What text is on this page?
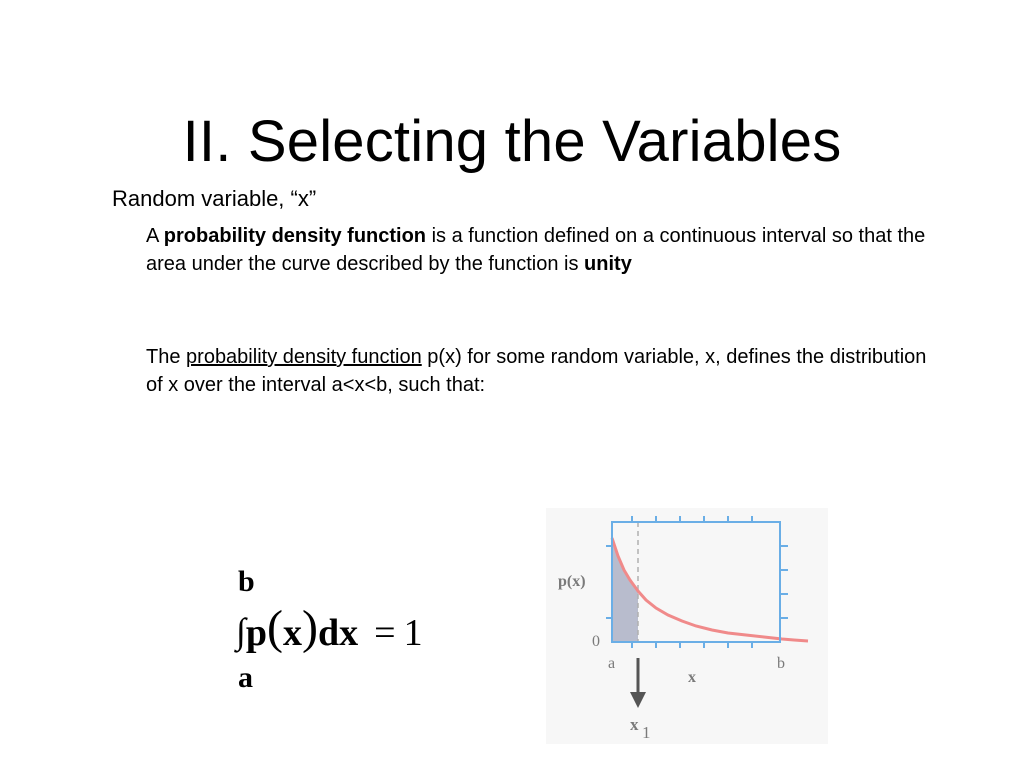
II. Selecting the Variables
Random variable, “x”
A probability density function is a function defined on a continuous interval so that the area under the curve described by the function is unity
The probability density function p(x) for some random variable, x, defines the distribution of x over the interval a<x<b, such that:
b
∫p(x)dx = 1
a
p(x)
0
a	b
x
x 1
